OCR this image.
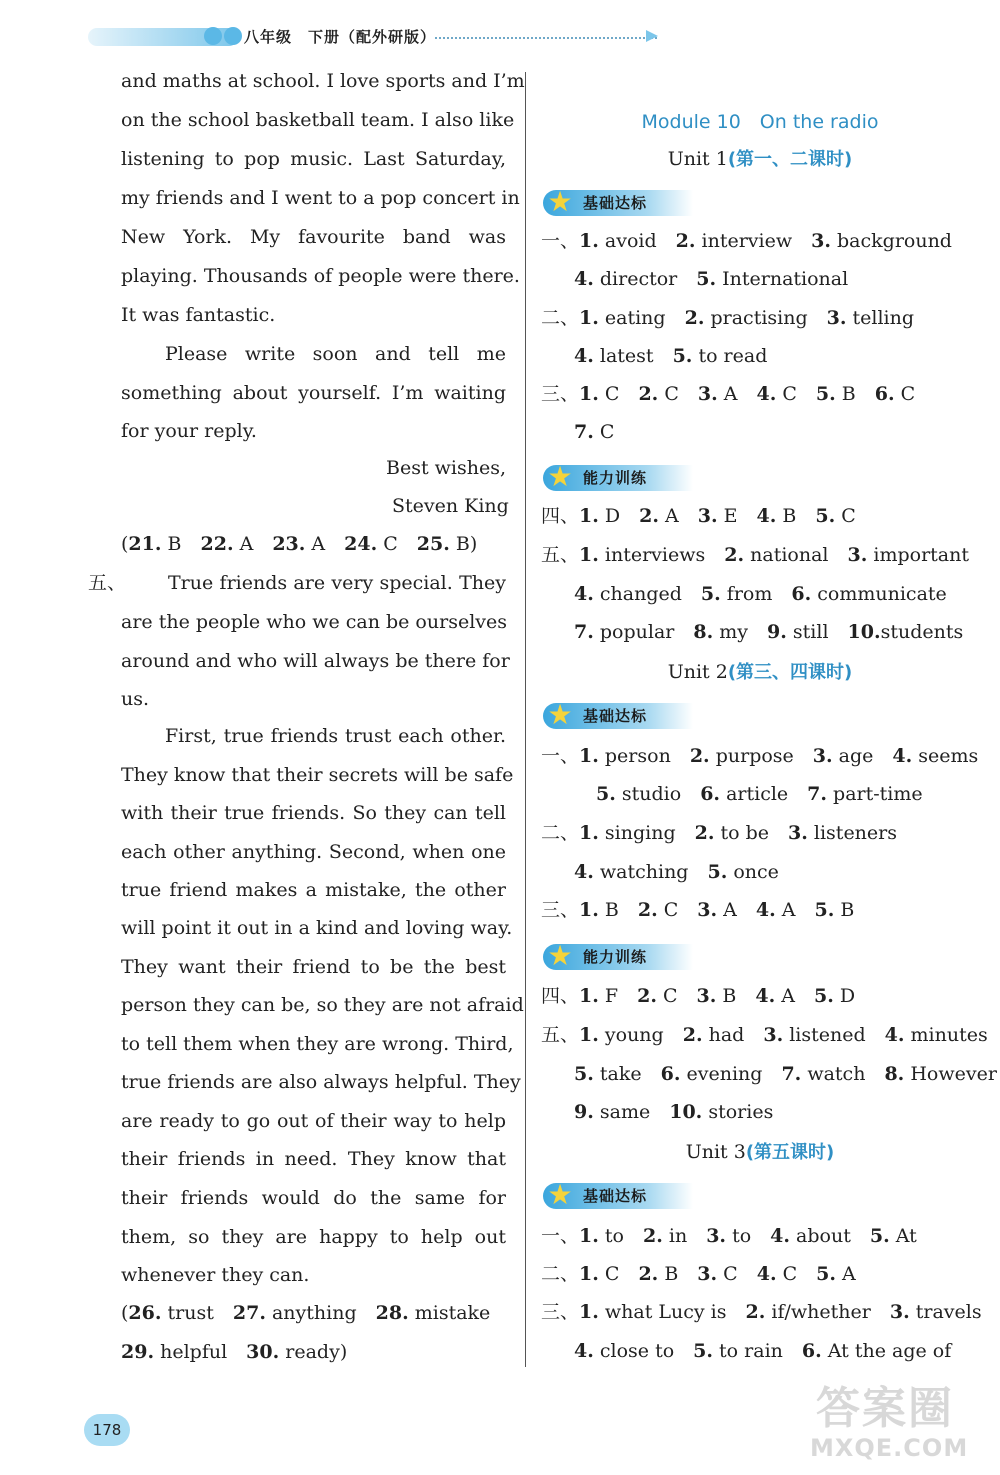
八年级　下册（配外研版）
and maths at school. I love sports and I’m
on the school basketball team. I also like
listening to pop music. Last Saturday,
my friends and I went to a pop concert in
New York. My favourite band was
playing. Thousands of people were there.
It was fantastic.
Please write soon and tell me
something about yourself. I’m waiting
for your reply.
Best wishes,
Steven King
(21. B　22. A　23. A　24. C　25. B)
五、 True friends are very special. They
are the people who we can be ourselves
around and who will always be there for
us.
First, true friends trust each other.
They know that their secrets will be safe
with their true friends. So they can tell
each other anything. Second, when one
true friend makes a mistake, the other
will point it out in a kind and loving way.
They want their friend to be the best
person they can be, so they are not afraid
to tell them when they are wrong. Third,
true friends are also always helpful. They
are ready to go out of their way to help
their friends in need. They know that
their friends would do the same for
them, so they are happy to help out
whenever they can.
(26. trust　27. anything　28. mistake
29. helpful　30. ready)
Module 10　On the radio
Unit 1(第一、二课时)
★ 基础达标
一、1. avoid　2. interview　3. background
4. director　5. International
二、1. eating　2. practising　3. telling
4. latest　5. to read
三、1. C　2. C　3. A　4. C　5. B　6. C
7. C
★ 能力训练
四、1. D　2. A　3. E　4. B　5. C
五、1. interviews　2. national　3. important
4. changed　5. from　6. communicate
7. popular　8. my　9. still　10.students
Unit 2(第三、四课时)
★ 基础达标
一、1. person　2. purpose　3. age　4. seems
5. studio　6. article　7. part-time
二、1. singing　2. to be　3. listeners
4. watching　5. once
三、1. B　2. C　3. A　4. A　5. B
★ 能力训练
四、1. F　2. C　3. B　4. A　5. D
五、1. young　2. had　3. listened　4. minutes
5. take　6. evening　7. watch　8. However
9. same　10. stories
Unit 3(第五课时)
★ 基础达标
一、1. to　2. in　3. to　4. about　5. At
二、1. C　2. B　3. C　4. C　5. A
三、1. what Lucy is　2. if/whether　3. travels
4. close to　5. to rain　6. At the age of
178	答案圈
MXQE.COM
